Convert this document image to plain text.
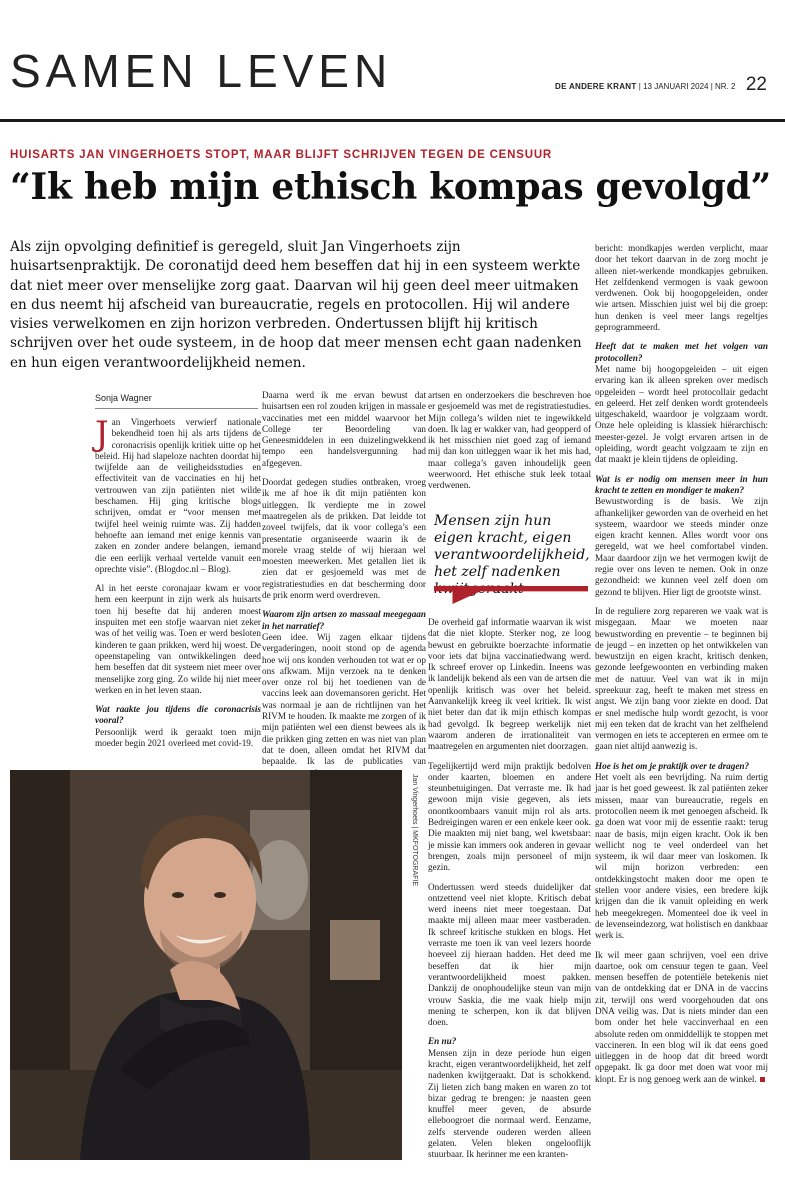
SAMEN LEVEN	DE ANDERE KRANT | 13 JANUARI 2024 | NR. 2 22
HUISARTS JAN VINGERHOETS STOPT, MAAR BLIJFT SCHRIJVEN TEGEN DE CENSUUR
“Ik heb mijn ethisch kompas gevolgd”
Als zijn opvolging definitief is geregeld, sluit Jan Vingerhoets zijn huisartsenpraktijk. De coronatijd deed hem beseffen dat hij in een systeem werkte dat niet meer over menselijke zorg gaat. Daarvan wil hij geen deel meer uitmaken en dus neemt hij afscheid van bureaucratie, regels en protocollen. Hij wil andere visies verwelkomen en zijn horizon verbreden. Ondertussen blijft hij kritisch schrijven over het oude systeem, in de hoop dat meer mensen echt gaan nadenken en hun eigen verantwoordelijkheid nemen.
Sonja Wagner

Jan Vingerhoets verwierf nationale bekendheid toen hij als arts tijdens de coronacrisis openlijk kritiek uitte op het beleid. Hij had slapeloze nachten doordat hij twijfelde aan de veiligheidsstudies en effectiviteit van de vaccinaties en hij het vertrouwen van zijn patiënten niet wilde beschamen. Hij ging kritische blogs schrijven, omdat er “voor mensen met twijfel heel weinig ruimte was. Zij hadden behoefte aan iemand met enige kennis van zaken en zonder andere belangen, iemand die een eerlijk verhaal vertelde vanuit een oprechte visie”. (Blogdoc.nl – Blog).

Al in het eerste coronajaar kwam er voor hem een keerpunt in zijn werk als huisarts toen hij besefte dat hij anderen moest inspuiten met een stofje waarvan niet zeker was of het veilig was. Toen er werd besloten kinderen te gaan prikken, werd hij woest. De opeenstapeling van ontwikkelingen deed hem beseffen dat dit systeem niet meer over menselijke zorg ging. Zo wilde hij niet meer werken en in het leven staan.

Wat raakte jou tijdens die coronacrisis vooral?

Persoonlijk werd ik geraakt toen mijn moeder begin 2021 overleed met covid-19.

Daarna werd ik me ervan bewust dat huisartsen een rol zouden krijgen in massale vaccinaties met een middel waarvoor het College ter Beoordeling van Geneesmiddelen in een duizelingwekkend tempo een handelsvergunning had afgegeven.

Doordat gedegen studies ontbraken, vroeg ik me af hoe ik dit mijn patiënten kon uitleggen. Ik verdiepte me in zowel maatregelen als de prikken. Dat leidde tot zoveel twijfels, dat ik voor collega’s een presentatie organiseerde waarin ik de morele vraag stelde of wij hieraan wel moesten meewerken. Met getallen liet ik zien dat er gesjoemeld was met de registratiestudies en dat bescherming door de prik enorm werd overdreven.

Waarom zijn artsen zo massaal meegegaan in het narratief?

Geen idee. Wij zagen elkaar tijdens vergaderingen, nooit stond op de agenda hoe wij ons konden verhouden tot wat er op ons afkwam. Mijn verzoek na te denken over onze rol bij het toedienen van de vaccins leek aan dovemansoren gericht. Het was normaal je aan de richtlijnen van het RIVM te houden. Ik maakte me zorgen of ik mijn patiënten wel een dienst bewees als ik die prikken ging zetten en was niet van plan dat te doen, alleen omdat het RIVM dat bepaalde. Ik las de publicaties van

artsen en onderzoekers die beschreven hoe er gesjoemeld was met de registratiestudies. Mijn collega’s wilden niet te ingewikkeld doen. Ik lag er wakker van, had geopperd of ik het misschien niet goed zag of iemand mij dan kon uitleggen waar ik het mis had, maar collega’s gaven inhoudelijk geen weerwoord. Het ethische stuk leek totaal verdwenen.

Mensen zijn hun eigen kracht, eigen verantwoordelijkheid, het zelf nadenken

De overheid gaf informatie waarvan ik wist dat die niet klopte. Sterker nog, ze loog bewust en gebruikte boerzachte informatie voor iets dat bijna vaccinatiedwang werd. Ik schreef erover op Linkedin. Ineens was ik landelijk bekend als een van de artsen die openlijk kritisch was over het beleid. Aanvankelijk kreeg ik veel kritiek. Ik wist niet beter dan dat ik mijn ethisch kompas had gevolgd. Ik begreep werkelijk niet waarom anderen de irrationaliteit van maatregelen en argumenten niet doorzagen.

Tegelijkertijd werd mijn praktijk bedolven onder kaarten, bloemen en andere steunbetuigingen. Dat verraste me. Ik had gewoon mijn visie gegeven, als iets onontkoombaars vanuit mijn rol als arts. Bedreigingen waren er een enkele keer ook. Die maakten mij niet bang, wel kwetsbaar: je missie kan immers ook anderen in gevaar brengen, zoals mijn personeel of mijn gezin.

Ondertussen werd steeds duidelijker dat ontzettend veel niet klopte. Kritisch debat werd ineens niet meer toegestaan. Dat maakte mij alleen maar meer vastberaden. Ik schreef kritische stukken en blogs. Het verraste me toen ik van veel lezers hoorde hoeveel zij hieraan hadden. Het deed me beseffen dat ik hier mijn verantwoordelijkheid moest pakken. Dankzij de onophoudelijke steun van mijn vrouw Saskia, die me vaak hielp mijn mening te scherpen, kon ik dat blijven doen.

En nu?

Mensen zijn in deze periode hun eigen kracht, eigen verantwoordelijkheid, het zelf nadenken kwijtgeraakt. Dat is schokkend. Zij lieten zich bang maken en waren zo tot bizar gedrag te brengen: je naasten geen knuffel meer geven, de absurde elleboogroet die normaal werd. Eenzame, zelfs stervende ouderen werden alleen gelaten. Velen bleken ongelooflijk stuurbaar. Ik herinner me een kranten-

bericht: mondkapjes werden verplicht, maar door het tekort daarvan in de zorg mocht je alleen niet-werkende mondkapjes gebruiken. Het zelfdenkend vermogen is vaak gewoon verdwenen. Ook bij hoogopgeleiden, onder wie artsen. Misschien juist wel bij die groep: hun denken is veel meer langs regeltjes geprogrammeerd.

Heeft dat te maken met het volgen van protocollen?

Met name bij hoogopgeleiden – uit eigen ervaring kan ik alleen spreken over medisch opgeleiden – wordt heel protocollair gedacht en geleerd. Het zelf denken wordt grotendeels uitgeschakeld, waardoor je volgzaam wordt. Onze hele opleiding is klassiek hiërarchisch: meester-gezel. Je volgt ervaren artsen in de opleiding, wordt geacht volgzaam te zijn en dat maakt je klein tijdens de opleiding.

Wat is er nodig om mensen meer in hun kracht te zetten en mondiger te maken?

Bewustwording is de basis. We zijn afhankelijker geworden van de overheid en het systeem, waardoor we steeds minder onze eigen kracht kennen. Alles wordt voor ons geregeld, wat we heel comfortabel vinden. Maar daardoor zijn we het vermogen kwijt de regie over ons leven te nemen. Ook in onze gezondheid: we kunnen veel zelf doen om gezond te blijven. Hier ligt de grootste winst.

In de reguliere zorg repareren we vaak wat is misgegaan. Maar we moeten naar bewustwording en preventie – te beginnen bij de jeugd – en inzetten op het ontwikkelen van bewustzijn en eigen kracht, kritisch denken, gezonde leefgewoonten en verbinding maken met de natuur. Veel van wat ik in mijn spreekuur zag, heeft te maken met stress en angst. We zijn bang voor ziekte en dood. Dat er snel medische hulp wordt gezocht, is voor mij een teken dat de kracht van het zelfhelend vermogen en iets te accepteren en ermee om te gaan niet altijd aanwezig is.

Hoe is het om je praktijk over te dragen?

Het voelt als een bevrijding. Na ruim dertig jaar is het goed geweest. Ik zal patiënten zeker missen, maar van bureaucratie, regels en protocollen neem ik met genoegen afscheid. Ik ga doen wat voor mij de essentie raakt: terug naar de basis, mijn eigen kracht. Ook ik ben wellicht nog te veel onderdeel van het systeem, ik wil daar meer van loskomen. Ik wil mijn horizon verbreden: een ontdekkingstocht maken door me open te stellen voor andere visies, een bredere kijk krijgen dan die ik vanuit opleiding en werk heb meegekregen. Momenteel doe ik veel in de levenseindezorg, wat holistisch en dankbaar werk is.

Ik wil meer gaan schrijven, voel een drive daartoe, ook om censuur tegen te gaan. Veel mensen beseffen de potentiële betekenis niet van de ontdekking dat er DNA in de vaccins zit, terwijl ons werd voorgehouden dat ons DNA veilig was. Dat is niets minder dan een bom onder het hele vaccinverhaal en een absolute reden om onmiddellijk te stoppen met vaccineren. In een blog wil ik dat eens goed uitleggen in de hoop dat dit breed wordt opgepakt. Ik ga door met doen wat voor mij klopt. Er is nog genoeg werk aan de winkel.

Jan Vingerhoets | MKFOTOGRAFIE
